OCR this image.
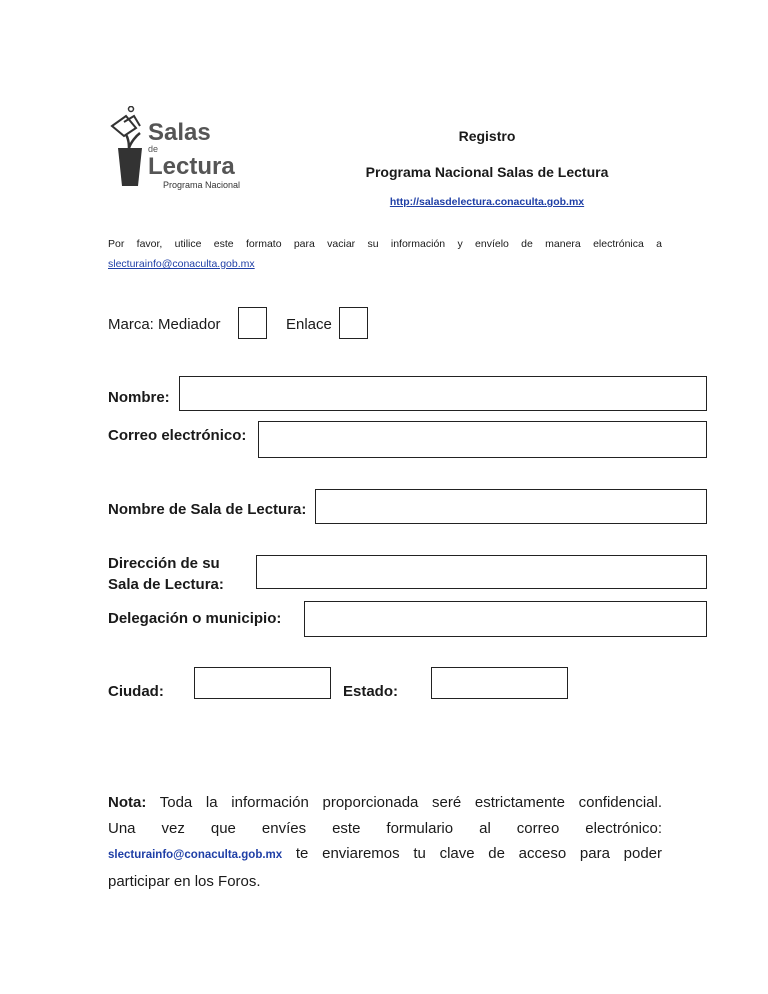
Salas
de
Lectura
Programa Nacional
Registro
Programa Nacional Salas de Lectura
http://salasdelectura.conaculta.gob.mx
Por favor, utilice este formato para vaciar su información y envíelo de manera electrónica a
slecturainfo@conaculta.gob.mx
Marca: Mediador	Enlace
Nombre:
Correo electrónico:
Nombre de Sala de Lectura:
Dirección de su
Sala de Lectura:
Delegación o municipio:
Ciudad:	Estado:
Nota: Toda la información proporcionada seré estrictamente confidencial.
Una vez que envíes este formulario al correo electrónico:
slecturainfo@conaculta.gob.mx te enviaremos tu clave de acceso para poder
participar en los Foros.
